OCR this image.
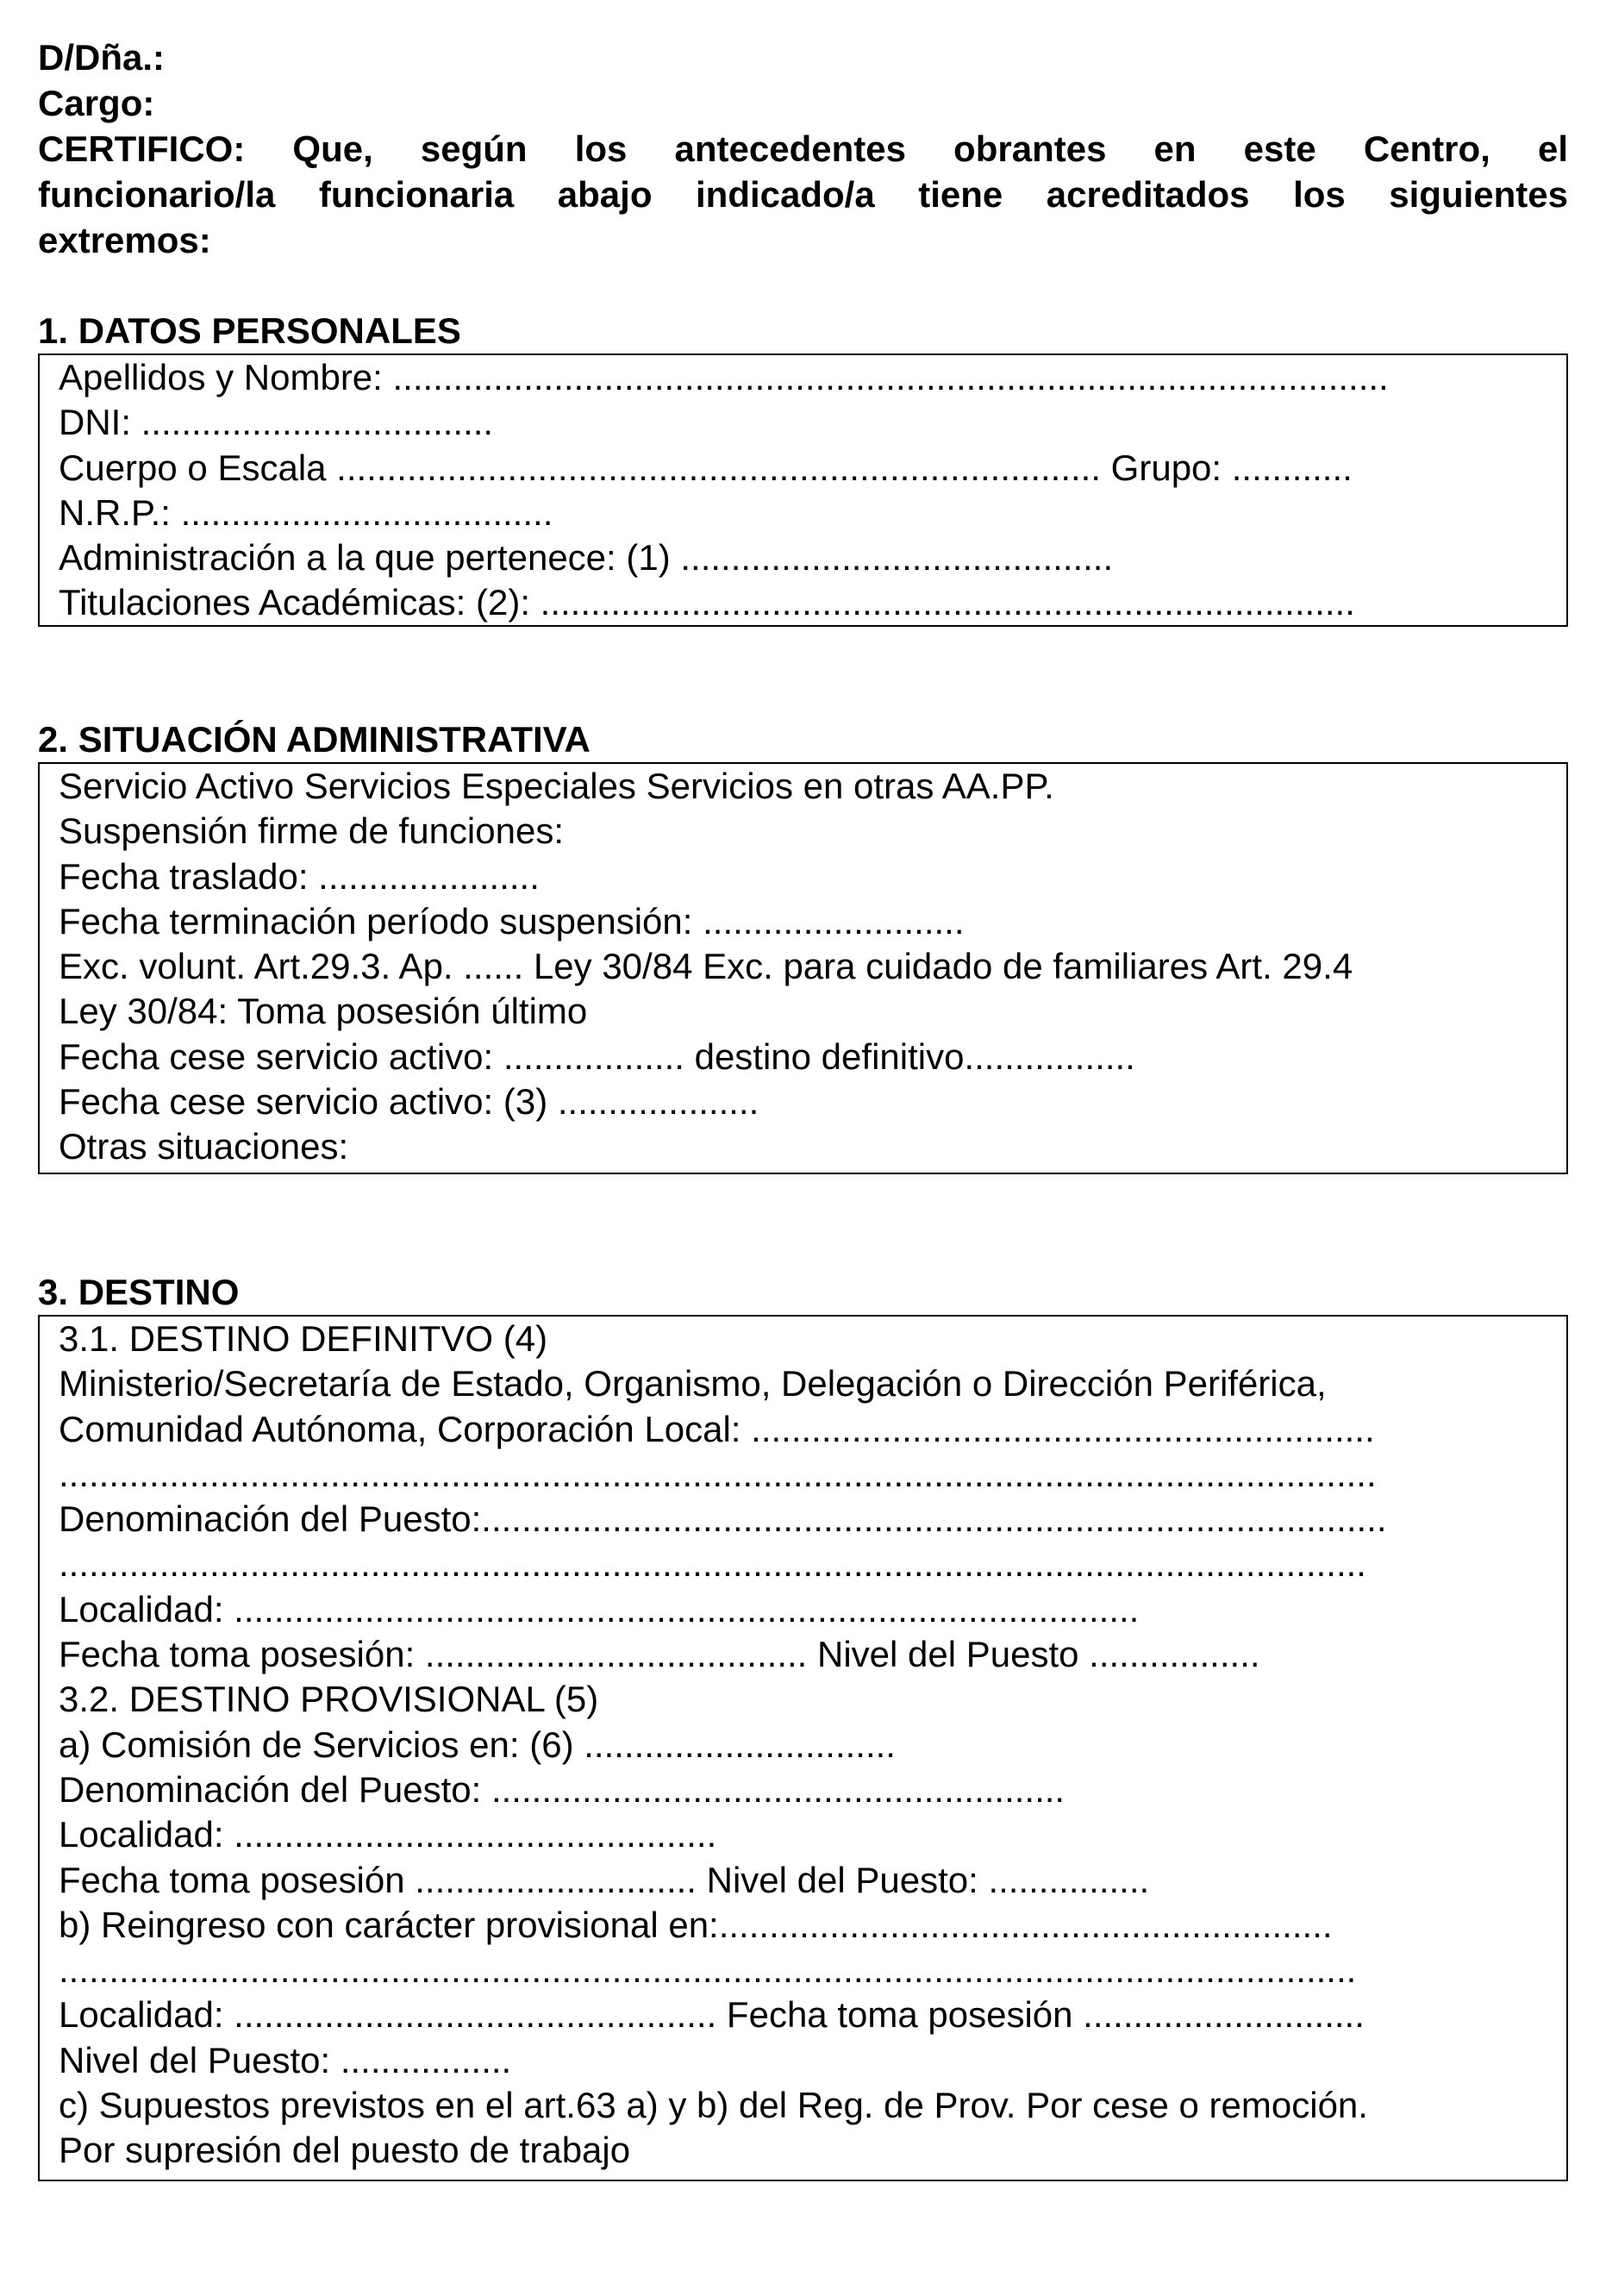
D/Dña.:
Cargo:
CERTIFICO: Que, según los antecedentes obrantes en este Centro, el
funcionario/la funcionaria abajo indicado/a tiene acreditados los siguientes
extremos:
1. DATOS PERSONALES
Apellidos y Nombre: ...................................................................................................
DNI: ...................................
Cuerpo o Escala ............................................................................ Grupo: ............
N.R.P.: .....................................
Administración a la que pertenece: (1) ...........................................
Titulaciones Académicas: (2): .................................................................................
2. SITUACIÓN ADMINISTRATIVA
Servicio Activo Servicios Especiales Servicios en otras AA.PP.
Suspensión firme de funciones:
Fecha traslado: ......................
Fecha terminación período suspensión: ..........................
Exc. volunt. Art.29.3. Ap. ...... Ley 30/84 Exc. para cuidado de familiares Art. 29.4
Ley 30/84: Toma posesión último
Fecha cese servicio activo: .................. destino definitivo.................
Fecha cese servicio activo: (3) ....................
Otras situaciones:
3. DESTINO
3.1. DESTINO DEFINITVO (4)
Ministerio/Secretaría de Estado, Organismo, Delegación o Dirección Periférica,
Comunidad Autónoma, Corporación Local: ..............................................................
...................................................................................................................................
Denominación del Puesto:..........................................................................................
..................................................................................................................................
Localidad: ..........................................................................................
Fecha toma posesión: ...................................... Nivel del Puesto .................
3.2. DESTINO PROVISIONAL (5)
a) Comisión de Servicios en: (6) ...............................
Denominación del Puesto: .........................................................
Localidad: ................................................
Fecha toma posesión ............................ Nivel del Puesto: ................
b) Reingreso con carácter provisional en:.............................................................
.................................................................................................................................
Localidad: ................................................ Fecha toma posesión ............................
Nivel del Puesto: .................
c) Supuestos previstos en el art.63 a) y b) del Reg. de Prov. Por cese o remoción.
Por supresión del puesto de trabajo
